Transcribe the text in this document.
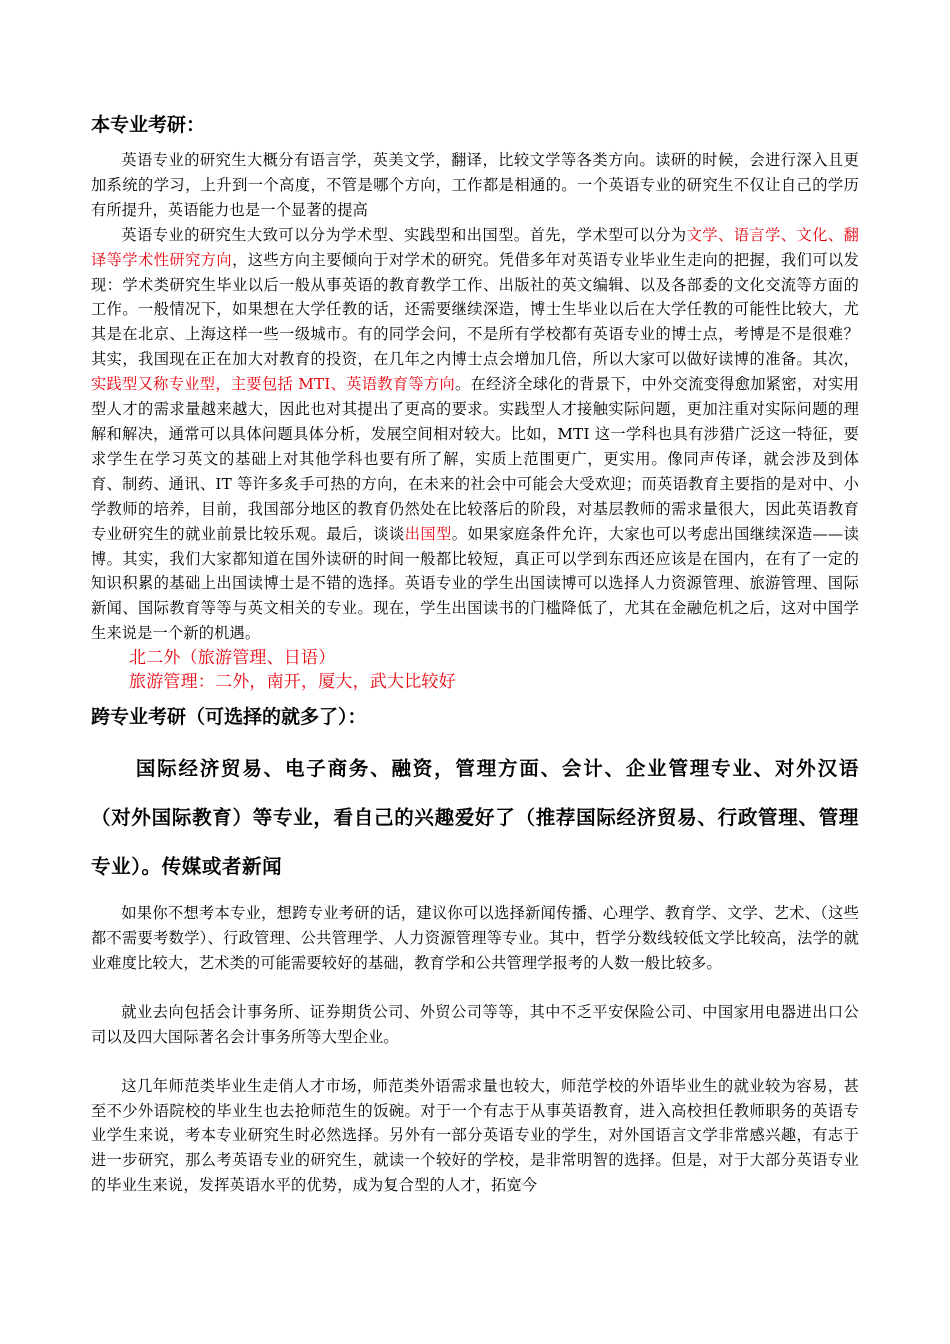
本专业考研：

英语专业的研究生大概分有语言学，英美文学，翻译，比较文学等各类方向。读研的时候，会进行深入且更加系统的学习，上升到一个高度，不管是哪个方向，工作都是相通的。一个英语专业的研究生不仅让自己的学历有所提升，英语能力也是一个显著的提高

英语专业的研究生大致可以分为学术型、实践型和出国型。首先，学术型可以分为文学、语言学、文化、翻译等学术性研究方向，这些方向主要倾向于对学术的研究。凭借多年对英语专业毕业生走向的把握，我们可以发现：学术类研究生毕业以后一般从事英语的教育教学工作、出版社的英文编辑、以及各部委的文化交流等方面的工作。一般情况下，如果想在大学任教的话，还需要继续深造，博士生毕业以后在大学任教的可能性比较大，尤其是在北京、上海这样一些一级城市。有的同学会问，不是所有学校都有英语专业的博士点，考博是不是很难？其实，我国现在正在加大对教育的投资，在几年之内博士点会增加几倍，所以大家可以做好读博的准备。其次，实践型又称专业型，主要包括 MTI、英语教育等方向。在经济全球化的背景下，中外交流变得愈加紧密，对实用型人才的需求量越来越大，因此也对其提出了更高的要求。实践型人才接触实际问题，更加注重对实际问题的理解和解决，通常可以具体问题具体分析，发展空间相对较大。比如，MTI 这一学科也具有涉猎广泛这一特征，要求学生在学习英文的基础上对其他学科也要有所了解，实质上范围更广，更实用。像同声传译，就会涉及到体育、制药、通讯、IT 等许多炙手可热的方向，在未来的社会中可能会大受欢迎；而英语教育主要指的是对中、小学教师的培养，目前，我国部分地区的教育仍然处在比较落后的阶段，对基层教师的需求量很大，因此英语教育专业研究生的就业前景比较乐观。最后，谈谈出国型。如果家庭条件允许，大家也可以考虑出国继续深造——读博。其实，我们大家都知道在国外读研的时间一般都比较短，真正可以学到东西还应该是在国内，在有了一定的知识积累的基础上出国读博士是不错的选择。英语专业的学生出国读博可以选择人力资源管理、旅游管理、国际新闻、国际教育等等与英文相关的专业。现在，学生出国读书的门槛降低了，尤其在金融危机之后，这对中国学生来说是一个新的机遇。

北二外（旅游管理、日语）

旅游管理：二外，南开，厦大，武大比较好

跨专业考研（可选择的就多了）：

国际经济贸易、电子商务、融资，管理方面、会计、企业管理专业、对外汉语（对外国际教育）等专业，看自己的兴趣爱好了（推荐国际经济贸易、行政管理、管理专业）。传媒或者新闻

如果你不想考本专业，想跨专业考研的话，建议你可以选择新闻传播、心理学、教育学、文学、艺术、（这些都不需要考数学）、行政管理、公共管理学、人力资源管理等专业。其中，哲学分数线较低文学比较高，法学的就业难度比较大，艺术类的可能需要较好的基础，教育学和公共管理学报考的人数一般比较多。

就业去向包括会计事务所、证券期货公司、外贸公司等等，其中不乏平安保险公司、中国家用电器进出口公司以及四大国际著名会计事务所等大型企业。

这几年师范类毕业生走俏人才市场，师范类外语需求量也较大，师范学校的外语毕业生的就业较为容易，甚至不少外语院校的毕业生也去抢师范生的饭碗。对于一个有志于从事英语教育，进入高校担任教师职务的英语专业学生来说，考本专业研究生时必然选择。另外有一部分英语专业的学生，对外国语言文学非常感兴趣，有志于进一步研究，那么考英语专业的研究生，就读一个较好的学校，是非常明智的选择。但是，对于大部分英语专业的毕业生来说，发挥英语水平的优势，成为复合型的人才，拓宽今
